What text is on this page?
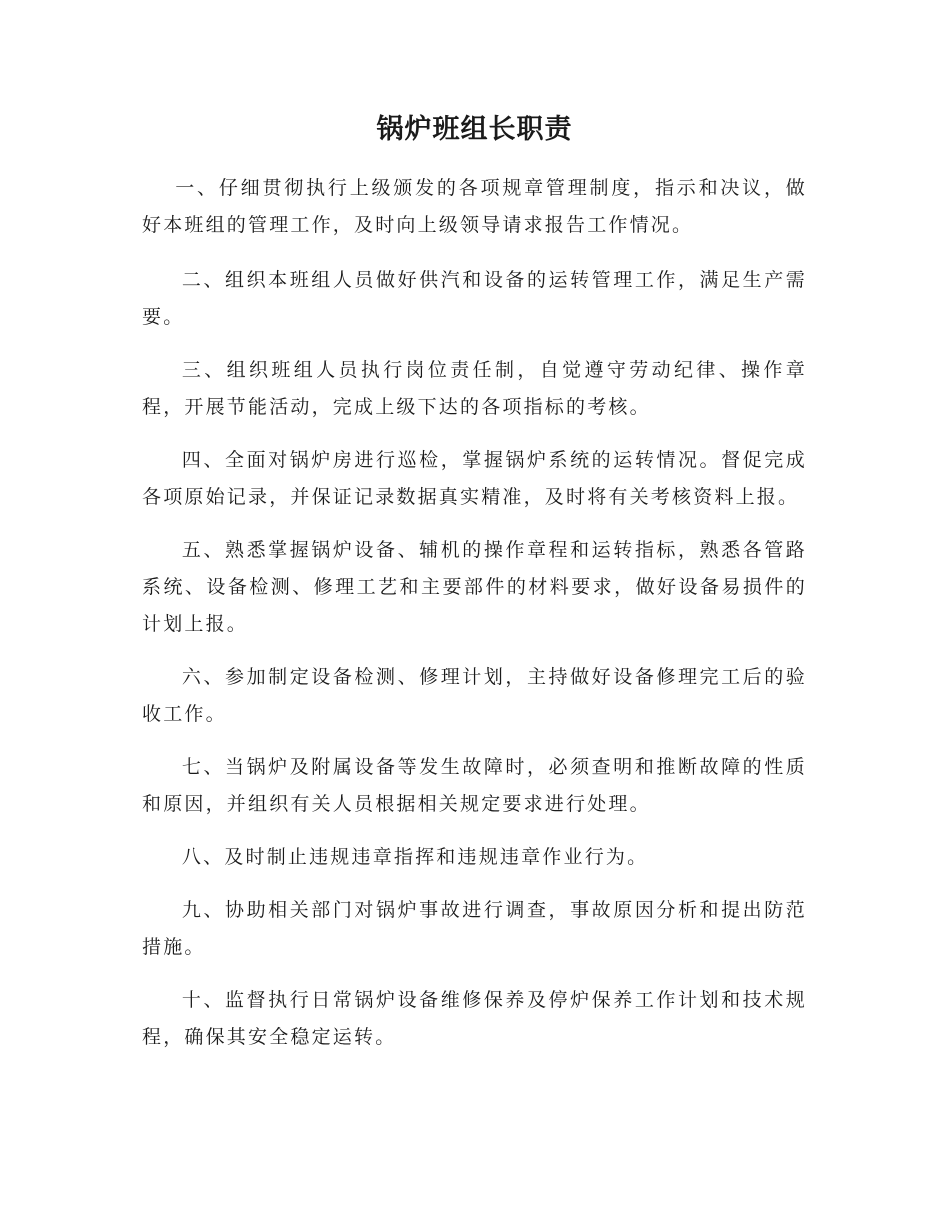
锅炉班组长职责

一、仔细贯彻执行上级颁发的各项规章管理制度，指示和决议，做好本班组的管理工作，及时向上级领导请求报告工作情况。

二、组织本班组人员做好供汽和设备的运转管理工作，满足生产需要。

三、组织班组人员执行岗位责任制，自觉遵守劳动纪律、操作章程，开展节能活动，完成上级下达的各项指标的考核。

四、全面对锅炉房进行巡检，掌握锅炉系统的运转情况。督促完成各项原始记录，并保证记录数据真实精准，及时将有关考核资料上报。

五、熟悉掌握锅炉设备、辅机的操作章程和运转指标，熟悉各管路系统、设备检测、修理工艺和主要部件的材料要求，做好设备易损件的计划上报。

六、参加制定设备检测、修理计划，主持做好设备修理完工后的验收工作。

七、当锅炉及附属设备等发生故障时，必须查明和推断故障的性质和原因，并组织有关人员根据相关规定要求进行处理。

八、及时制止违规违章指挥和违规违章作业行为。

九、协助相关部门对锅炉事故进行调查，事故原因分析和提出防范措施。

十、监督执行日常锅炉设备维修保养及停炉保养工作计划和技术规程，确保其安全稳定运转。
